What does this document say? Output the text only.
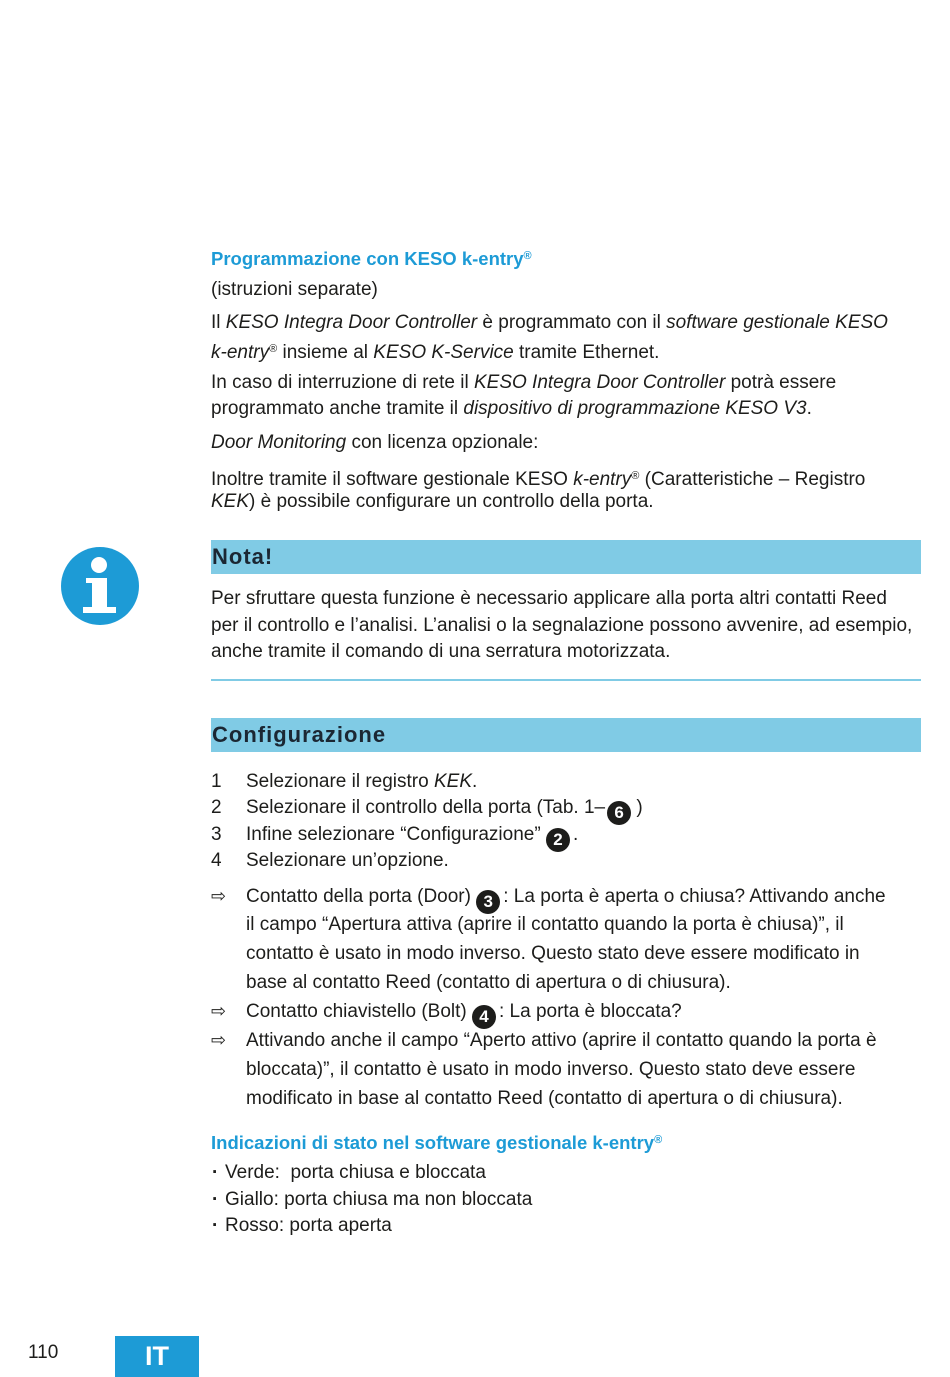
Programmazione con KESO k-entry®
(istruzioni separate)
Il KESO Integra Door Controller è programmato con il software gestionale KESO
k-entry® insieme al KESO K-Service tramite Ethernet.
In caso di interruzione di rete il KESO Integra Door Controller potrà essere
programmato anche tramite il dispositivo di programmazione KESO V3.
Door Monitoring con licenza opzionale:
Inoltre tramite il software gestionale KESO k-entry® (Caratteristiche – Registro
KEK) è possibile configurare un controllo della porta.
Nota!
Per sfruttare questa funzione è necessario applicare alla porta altri contatti Reed
per il controllo e l’analisi. L’analisi o la segnalazione possono avvenire, ad esempio,
anche tramite il comando di una serratura motorizzata.
Configurazione
1 Selezionare il registro KEK.
2 Selezionare il controllo della porta (Tab. 1– 6 )
3 Infine selezionare “Configurazione” 2 .
4 Selezionare un’opzione.
⇨ Contatto della porta (Door) 3 : La porta è aperta o chiusa? Attivando anche
il campo “Apertura attiva (aprire il contatto quando la porta è chiusa)”, il
contatto è usato in modo inverso. Questo stato deve essere modificato in
base al contatto Reed (contatto di apertura o di chiusura).
⇨ Contatto chiavistello (Bolt) 4 : La porta è bloccata?
⇨ Attivando anche il campo “Aperto attivo (aprire il contatto quando la porta è
bloccata)”, il contatto è usato in modo inverso. Questo stato deve essere
modificato in base al contatto Reed (contatto di apertura o di chiusura).
Indicazioni di stato nel software gestionale k-entry®
· Verde:  porta chiusa e bloccata
· Giallo: porta chiusa ma non bloccata
· Rosso: porta aperta
110	IT
